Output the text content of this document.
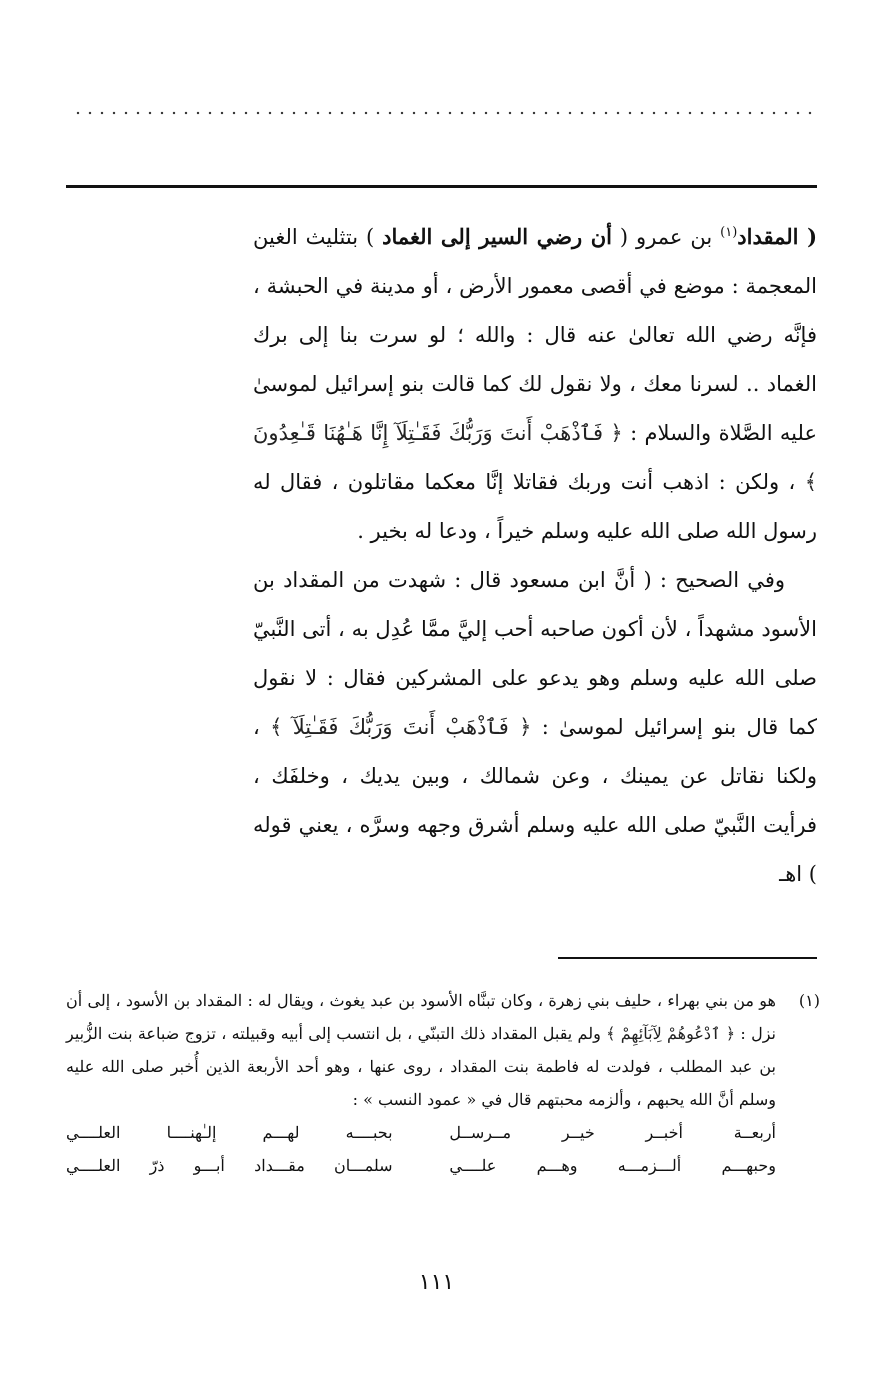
( المقداد$^{(١)}$ بن عمرو ( أن رضي السير إلى الغماد ) بتثليث الغين المعجمة : موضع في أقصى معمور الأرض ، أو مدينة في الحبشة ، فإنَّه رضي الله تعالىٰ عنه قال : والله ؛ لو سرت بنا إلى برك الغماد .. لسرنا معك ، ولا نقول لك كما قالت بنو إسرائيل لموسىٰ عليه الصَّلاة والسلام : ﴿ فَٱذْهَبْ أَنتَ وَرَبُّكَ فَقَـٰتِلَآ إِنَّا هَـٰهُنَا قَـٰعِدُونَ ﴾ ، ولكن : اذهب أنت وربك فقاتلا إنَّا معكما مقاتلون ، فقال له رسول الله صلى الله عليه وسلم خيراً ، ودعا له بخير .

وفي الصحيح : ( أنَّ ابن مسعود قال : شهدت من المقداد بن الأسود مشهداً ، لأن أكون صاحبه أحب إليَّ ممَّا عُدِل به ، أتى النَّبيّ صلى الله عليه وسلم وهو يدعو على المشركين فقال : لا نقول كما قال بنو إسرائيل لموسىٰ : ﴿ فَٱذْهَبْ أَنتَ وَرَبُّكَ فَقَـٰتِلَآ ﴾ ، ولكنا نقاتل عن يمينك ، وعن شمالك ، وبين يديك ، وخلفَك ، فرأيت النَّبيّ صلى الله عليه وسلم أشرق وجهه وسرَّه ، يعني قوله ) اهـ

(١)

هو من بني بهراء ، حليف بني زهرة ، وكان تبنَّاه الأسود بن عبد يغوث ، ويقال له : المقداد بن الأسود ، إلى أن نزل : ﴿ ٱدْعُوهُمْ لِآبَآئِهِمْ ﴾ ولم يقبل المقداد ذلك التبنّي ، بل انتسب إلى أبيه وقبيلته ، تزوج ضباعة بنت الزُّبير بن عبد المطلب ، فولدت له فاطمة بنت المقداد ، روى عنها ، وهو أحد الأربعة الذين أُخبر صلى الله عليه وسلم أنَّ الله يحبهم ، وألزمه محبتهم قال في « عمود النسب » :

أربعــة أخبــر خيــر مــرســل
بحبــــه لهـــم إلـٰهنــــا العلــــي
وحبهـــم ألـــزمـــه وهـــم علــــي
سلمـــان مقـــداد أبـــو ذرّ العلــــي
١١١
